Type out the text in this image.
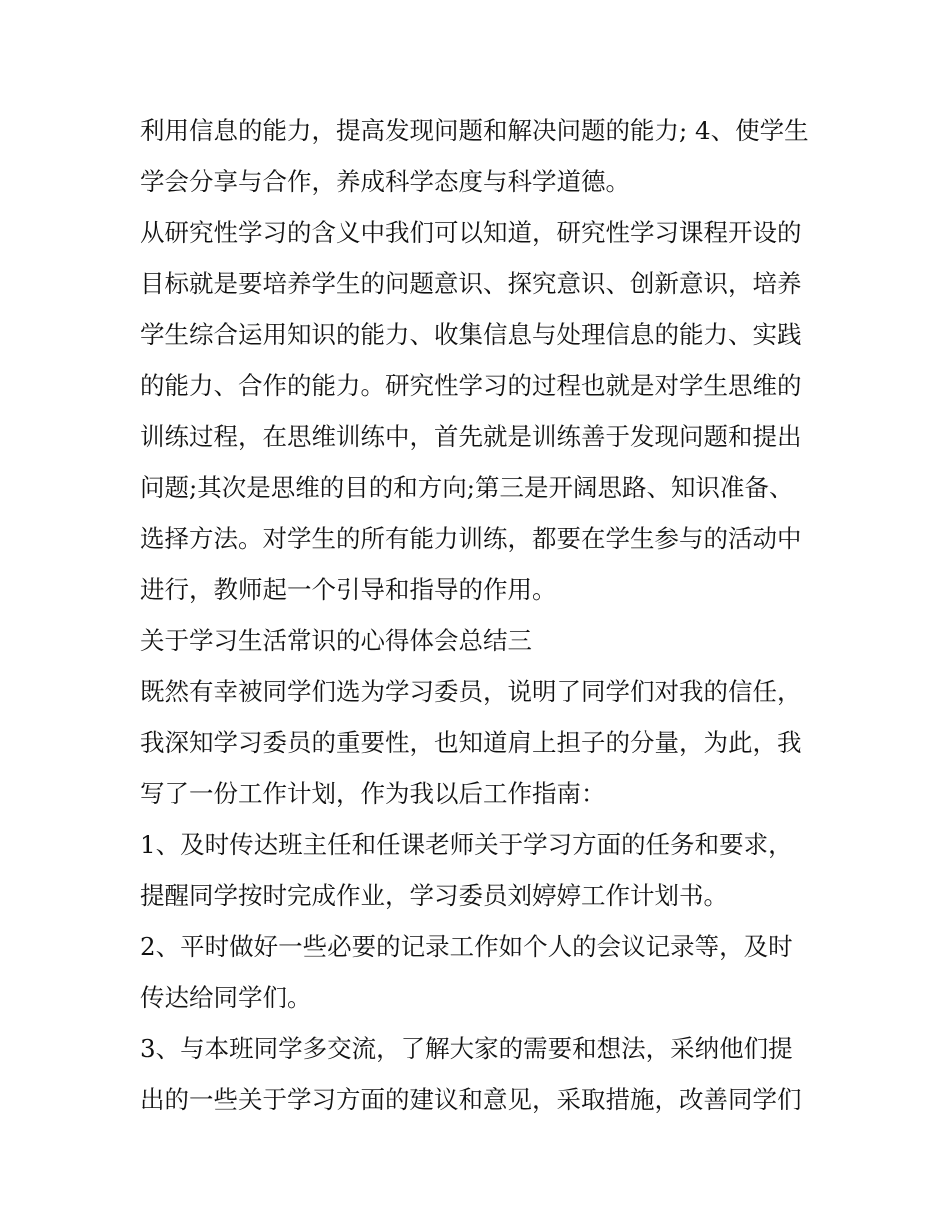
利用信息的能力，提高发现问题和解决问题的能力; 4、使学生
学会分享与合作，养成科学态度与科学道德。
从研究性学习的含义中我们可以知道，研究性学习课程开设的
目标就是要培养学生的问题意识、探究意识、创新意识，培养
学生综合运用知识的能力、收集信息与处理信息的能力、实践
的能力、合作的能力。研究性学习的过程也就是对学生思维的
训练过程，在思维训练中，首先就是训练善于发现问题和提出
问题;其次是思维的目的和方向;第三是开阔思路、知识准备、
选择方法。对学生的所有能力训练，都要在学生参与的活动中
进行，教师起一个引导和指导的作用。
关于学习生活常识的心得体会总结三
既然有幸被同学们选为学习委员，说明了同学们对我的信任，
我深知学习委员的重要性，也知道肩上担子的分量，为此，我
写了一份工作计划，作为我以后工作指南：
1、及时传达班主任和任课老师关于学习方面的任务和要求，
提醒同学按时完成作业，学习委员刘婷婷工作计划书。
2、平时做好一些必要的记录工作如个人的会议记录等，及时
传达给同学们。
3、与本班同学多交流，了解大家的需要和想法，采纳他们提
出的一些关于学习方面的建议和意见，采取措施，改善同学们
